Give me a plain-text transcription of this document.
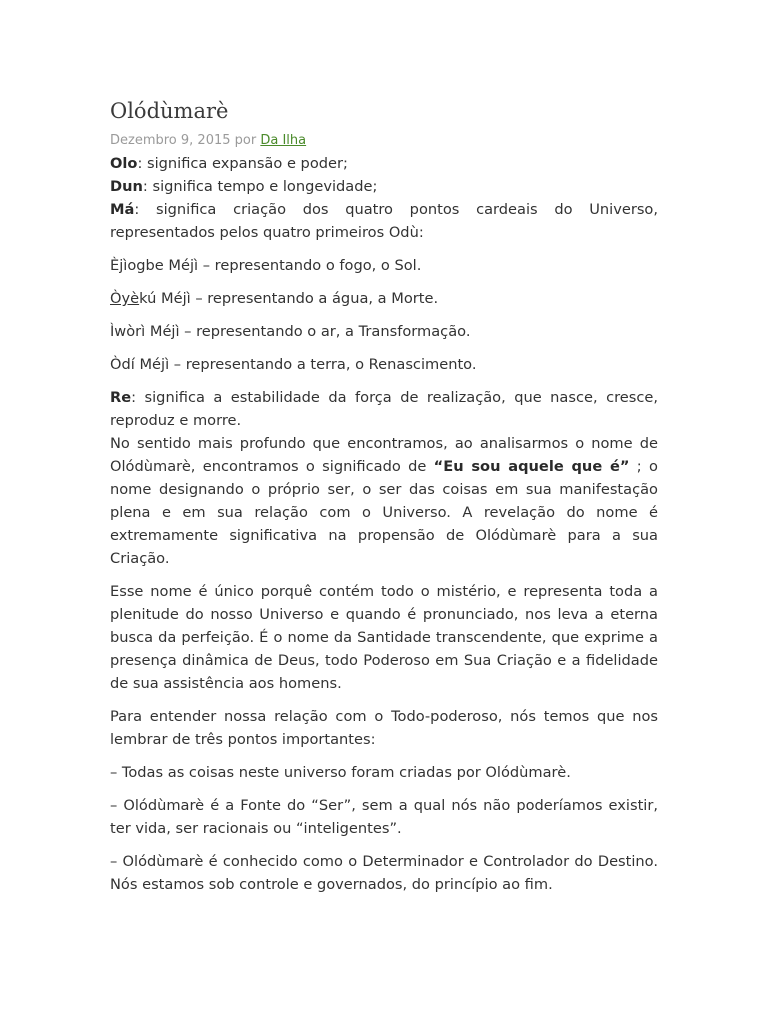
Olódùmarè
Dezembro 9, 2015 por Da Ilha

Olo: significa expansão e poder;

Dun: significa tempo e longevidade;

Má: significa criação dos quatro pontos cardeais do Universo, representados pelos quatro primeiros Odù:

Èjìogbe Méjì – representando o fogo, o Sol.

Òyèkú Méjì – representando a água, a Morte.

Ìwòrì Méjì – representando o ar, a Transformação.

Òdí Méjì – representando a terra, o Renascimento.

Re: significa a estabilidade da força de realização, que nasce, cresce, reproduz e morre.

No sentido mais profundo que encontramos, ao analisarmos o nome de Olódùmarè, encontramos o significado de “Eu sou aquele que é” ; o nome designando o próprio ser, o ser das coisas em sua manifestação plena e em sua relação com o Universo. A revelação do nome é extremamente significativa na propensão de Olódùmarè para a sua Criação.

Esse nome é único porquê contém todo o mistério, e representa toda a plenitude do nosso Universo e quando é pronunciado, nos leva a eterna busca da perfeição. É o nome da Santidade transcendente, que exprime a presença dinâmica de Deus, todo Poderoso em Sua Criação e a fidelidade de sua assistência aos homens.

Para entender nossa relação com o Todo-poderoso, nós temos que nos lembrar de três pontos importantes:

– Todas as coisas neste universo foram criadas por Olódùmarè.

– Olódùmarè é a Fonte do “Ser”, sem a qual nós não poderíamos existir, ter vida, ser racionais ou “inteligentes”.

– Olódùmarè é conhecido como o Determinador e Controlador do Destino. Nós estamos sob controle e governados, do princípio ao fim.
